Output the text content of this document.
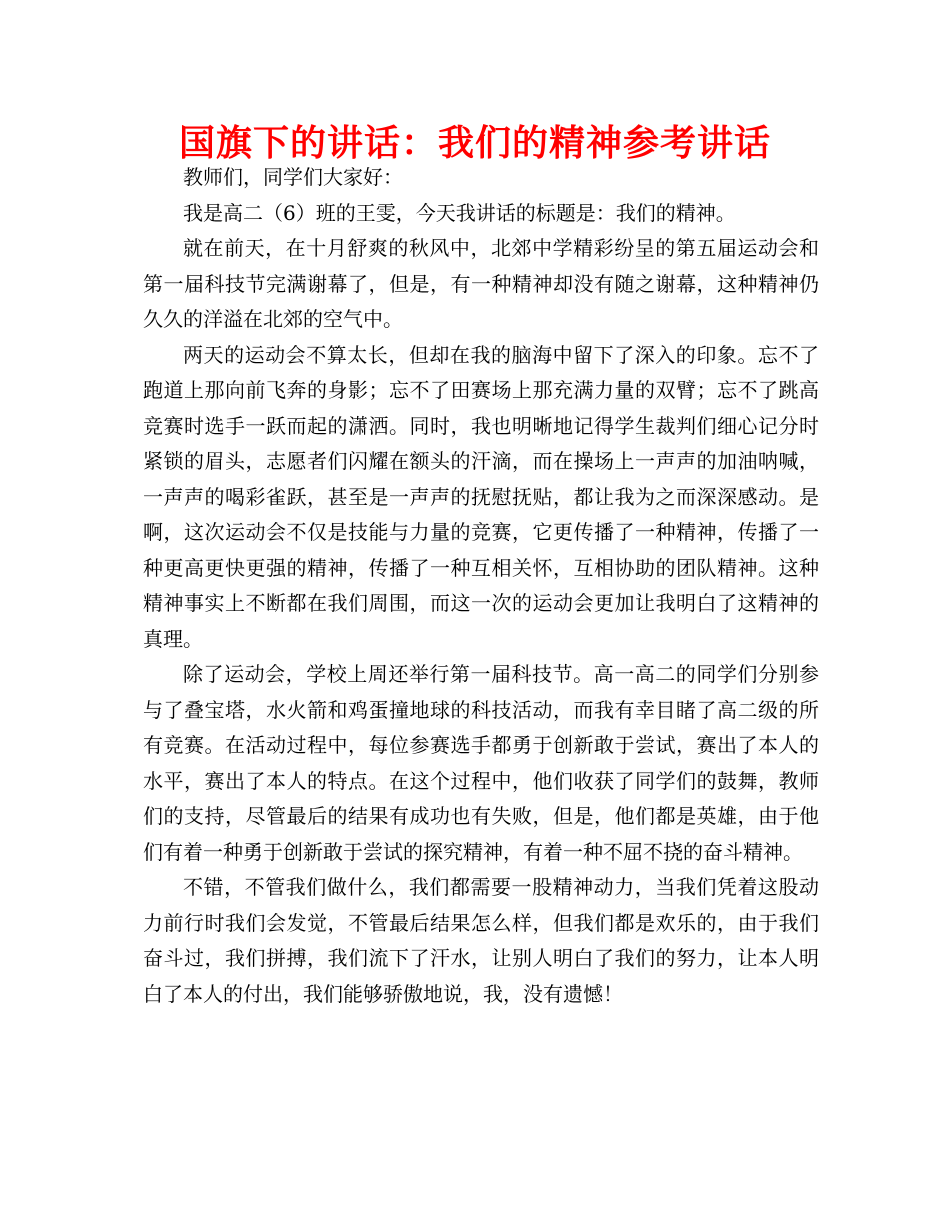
国旗下的讲话：我们的精神参考讲话

教师们，同学们大家好：

我是高二（6）班的王雯，今天我讲话的标题是：我们的精神。

就在前天，在十月舒爽的秋风中，北郊中学精彩纷呈的第五届运动会和第一届科技节完满谢幕了，但是，有一种精神却没有随之谢幕，这种精神仍久久的洋溢在北郊的空气中。

两天的运动会不算太长，但却在我的脑海中留下了深入的印象。忘不了跑道上那向前飞奔的身影；忘不了田赛场上那充满力量的双臂；忘不了跳高竞赛时选手一跃而起的潇洒。同时，我也明晰地记得学生裁判们细心记分时紧锁的眉头，志愿者们闪耀在额头的汗滴，而在操场上一声声的加油呐喊，一声声的喝彩雀跃，甚至是一声声的抚慰抚贴，都让我为之而深深感动。是啊，这次运动会不仅是技能与力量的竞赛，它更传播了一种精神，传播了一种更高更快更强的精神，传播了一种互相关怀，互相协助的团队精神。这种精神事实上不断都在我们周围，而这一次的运动会更加让我明白了这精神的真理。

除了运动会，学校上周还举行第一届科技节。高一高二的同学们分别参与了叠宝塔，水火箭和鸡蛋撞地球的科技活动，而我有幸目睹了高二级的所有竞赛。在活动过程中，每位参赛选手都勇于创新敢于尝试，赛出了本人的水平，赛出了本人的特点。在这个过程中，他们收获了同学们的鼓舞，教师们的支持，尽管最后的结果有成功也有失败，但是，他们都是英雄，由于他们有着一种勇于创新敢于尝试的探究精神，有着一种不屈不挠的奋斗精神。

不错，不管我们做什么，我们都需要一股精神动力，当我们凭着这股动力前行时我们会发觉，不管最后结果怎么样，但我们都是欢乐的，由于我们奋斗过，我们拼搏，我们流下了汗水，让别人明白了我们的努力，让本人明白了本人的付出，我们能够骄傲地说，我，没有遗憾！
